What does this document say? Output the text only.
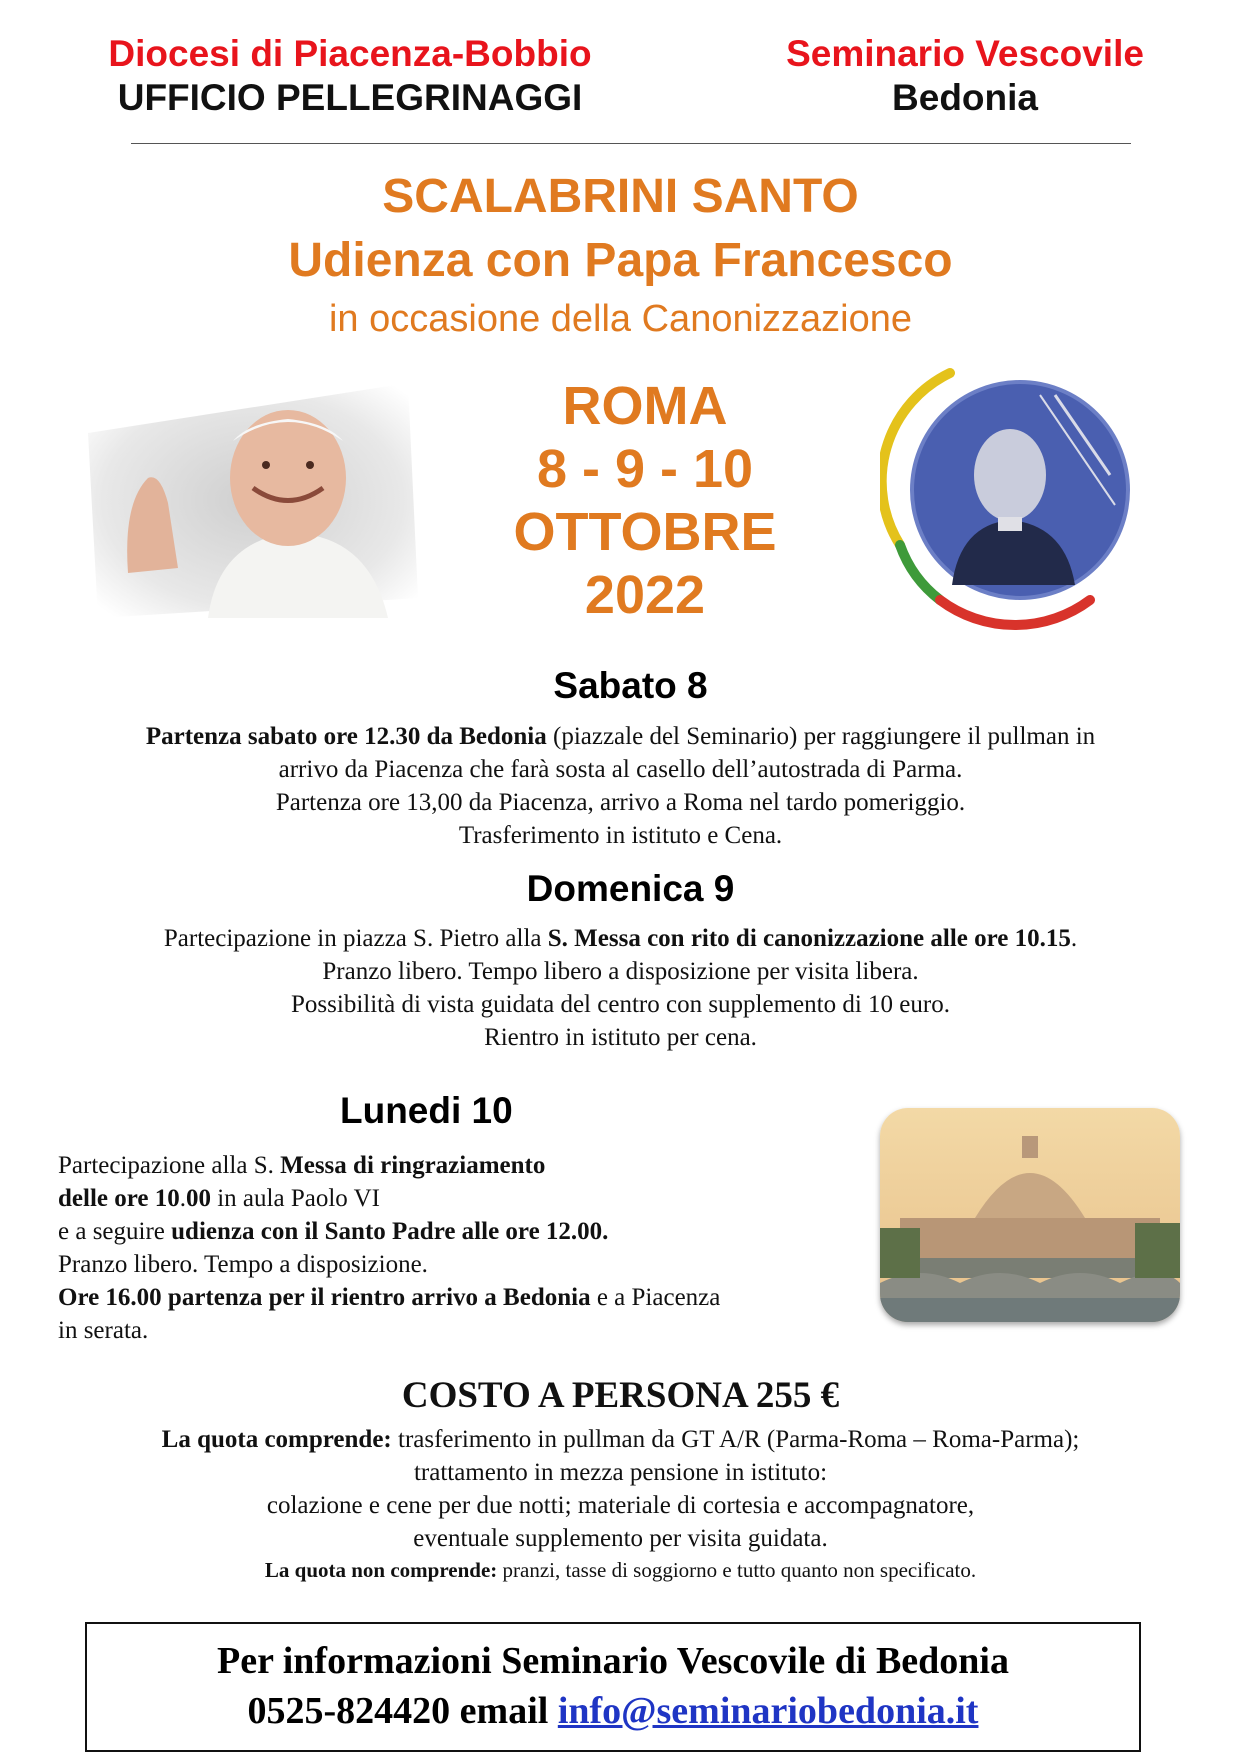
Diocesi di Piacenza-Bobbio
UFFICIO PELLEGRINAGGI
Seminario Vescovile
Bedonia
SCALABRINI SANTO
Udienza con Papa Francesco
in occasione della Canonizzazione
ROMA
8 - 9 - 10
OTTOBRE
2022
Sabato 8
Partenza sabato ore 12.30 da Bedonia (piazzale del Seminario) per raggiungere il pullman in
arrivo da Piacenza che farà sosta al casello dell’autostrada di Parma.
Partenza ore 13,00 da Piacenza, arrivo a Roma nel tardo pomeriggio.
Trasferimento in istituto e Cena.
Domenica 9
Partecipazione in piazza S. Pietro alla S. Messa con rito di canonizzazione alle ore 10.15.
Pranzo libero. Tempo libero a disposizione per visita libera.
Possibilità di vista guidata del centro con supplemento di 10 euro.
Rientro in istituto per cena.
Lunedi 10
Partecipazione alla S. Messa di ringraziamento
delle ore 10.00 in aula Paolo VI
e a seguire udienza con il Santo Padre alle ore 12.00.
Pranzo libero. Tempo a disposizione.
Ore 16.00 partenza per il rientro arrivo a Bedonia e a Piacenza
in serata.
COSTO A PERSONA 255 €
La quota comprende: trasferimento in pullman da GT A/R (Parma-Roma – Roma-Parma);
trattamento in mezza pensione in istituto:
colazione e cene per due notti; materiale di cortesia e accompagnatore,
eventuale supplemento per visita guidata.
La quota non comprende: pranzi, tasse di soggiorno e tutto quanto non specificato.
Per informazioni Seminario Vescovile di Bedonia
0525-824420 email info@seminariobedonia.it
